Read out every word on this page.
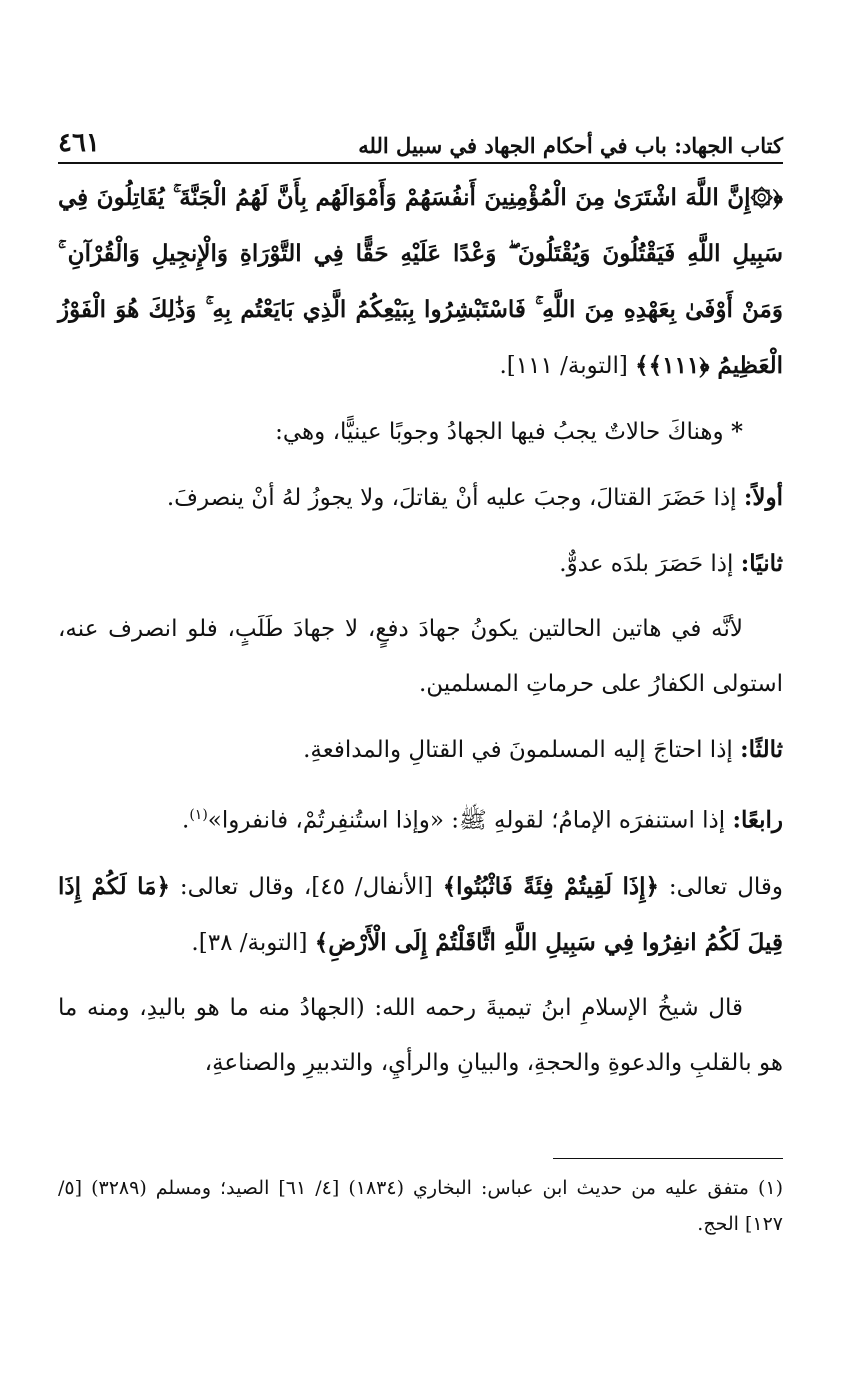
كتاب الجهاد: باب في أحكام الجهاد في سبيل الله
٤٦١

﴿۞إِنَّ اللَّهَ اشْتَرَىٰ مِنَ الْمُؤْمِنِينَ أَنفُسَهُمْ وَأَمْوَالَهُم بِأَنَّ لَهُمُ الْجَنَّةَ ۚ يُقَاتِلُونَ فِي سَبِيلِ اللَّهِ فَيَقْتُلُونَ وَيُقْتَلُونَ ۖ وَعْدًا عَلَيْهِ حَقًّا فِي التَّوْرَاةِ وَالْإِنجِيلِ وَالْقُرْآنِ ۚ وَمَنْ أَوْفَىٰ بِعَهْدِهِ مِنَ اللَّهِ ۚ فَاسْتَبْشِرُوا بِبَيْعِكُمُ الَّذِي بَايَعْتُم بِهِ ۚ وَذَٰلِكَ هُوَ الْفَوْزُ الْعَظِيمُ ﴿١١١﴾﴾ [التوبة/ ١١١].

* وهناكَ حالاتٌ يجبُ فيها الجهادُ وجوبًا عينيًّا، وهي:

أولاً: إذا حَضَرَ القتالَ، وجبَ عليه أنْ يقاتلَ، ولا يجوزُ لهُ أنْ ينصرفَ.

ثانيًا: إذا حَصَرَ بلدَه عدوٌّ.

لأنَّه في هاتين الحالتين يكونُ جهادَ دفعٍ، لا جهادَ طَلَبٍ، فلو انصرف عنه، استولى الكفارُ على حرماتِ المسلمين.

ثالثًا: إذا احتاجَ إليه المسلمونَ في القتالِ والمدافعةِ.

رابعًا: إذا استنفرَه الإمامُ؛ لقولهِ ﷺ: «وإذا استُنفِرتُمْ، فانفروا»$^{(١)}$.

وقال تعالى: ﴿إِذَا لَقِيتُمْ فِئَةً فَاثْبُتُوا﴾ [الأنفال/ ٤٥]، وقال تعالى: ﴿مَا لَكُمْ إِذَا قِيلَ لَكُمُ انفِرُوا فِي سَبِيلِ اللَّهِ اثَّاقَلْتُمْ إِلَى الْأَرْضِ﴾ [التوبة/ ٣٨].

قال شيخُ الإسلامِ ابنُ تيميةَ رحمه الله: (الجهادُ منه ما هو باليدِ، ومنه ما هو بالقلبِ والدعوةِ والحجةِ، والبيانِ والرأيِ، والتدبيرِ والصناعةِ،

(١) متفق عليه من حديث ابن عباس: البخاري (١٨٣٤) [٤/ ٦١] الصيد؛ ومسلم (٣٢٨٩) [٥/ ١٢٧] الحج.
